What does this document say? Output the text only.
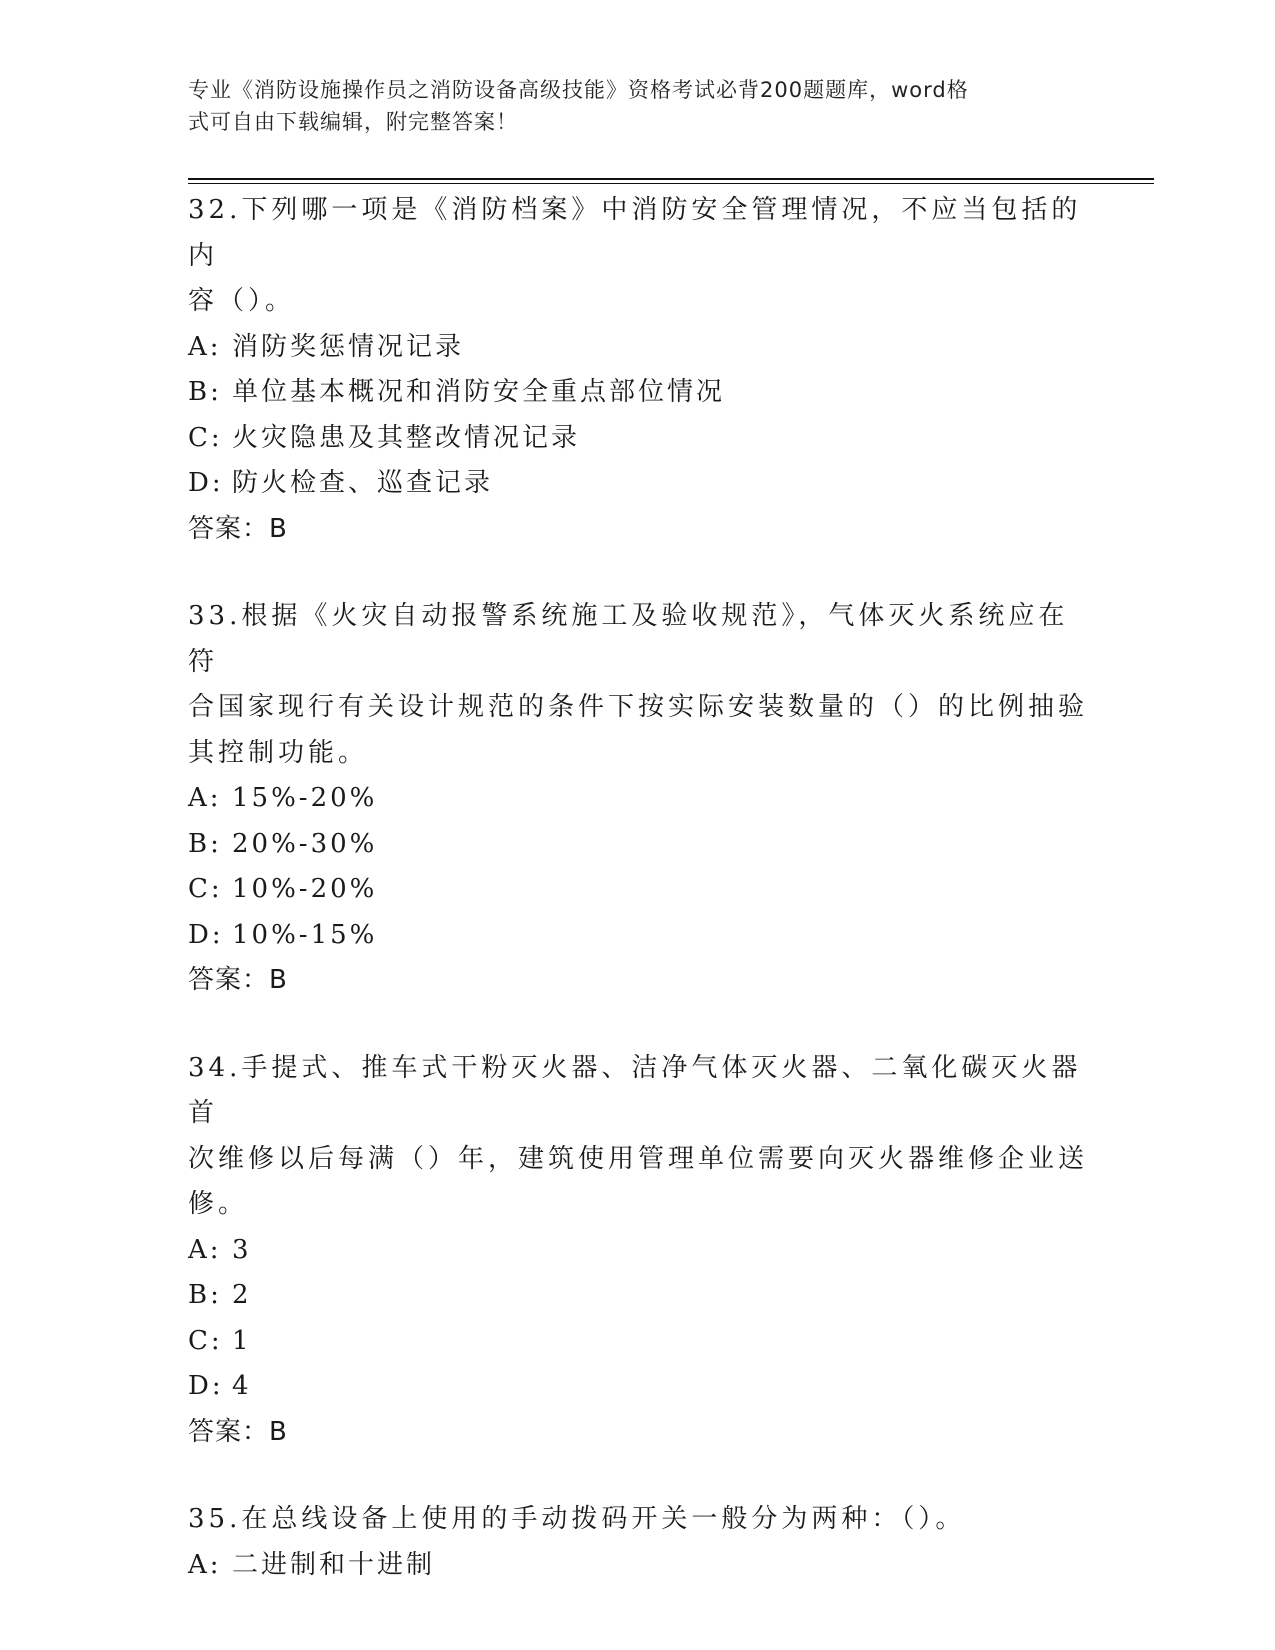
专业《消防设施操作员之消防设备高级技能》资格考试必背200题题库，word格
式可自由下载编辑，附完整答案！

32.下列哪一项是《消防档案》中消防安全管理情况，不应当包括的内

容（）。

A: 消防奖惩情况记录
B: 单位基本概况和消防安全重点部位情况
C: 火灾隐患及其整改情况记录
D: 防火检查、巡查记录

答案：B

33.根据《火灾自动报警系统施工及验收规范》，气体灭火系统应在符

合国家现行有关设计规范的条件下按实际安装数量的（）的比例抽验

其控制功能。

A: 15%-20%
B: 20%-30%
C: 10%-20%
D: 10%-15%

答案：B

34.手提式、推车式干粉灭火器、洁净气体灭火器、二氧化碳灭火器首

次维修以后每满（）年，建筑使用管理单位需要向灭火器维修企业送

修。

A: 3
B: 2
C: 1
D: 4

答案：B

35.在总线设备上使用的手动拨码开关一般分为两种：（）。

A: 二进制和十进制
